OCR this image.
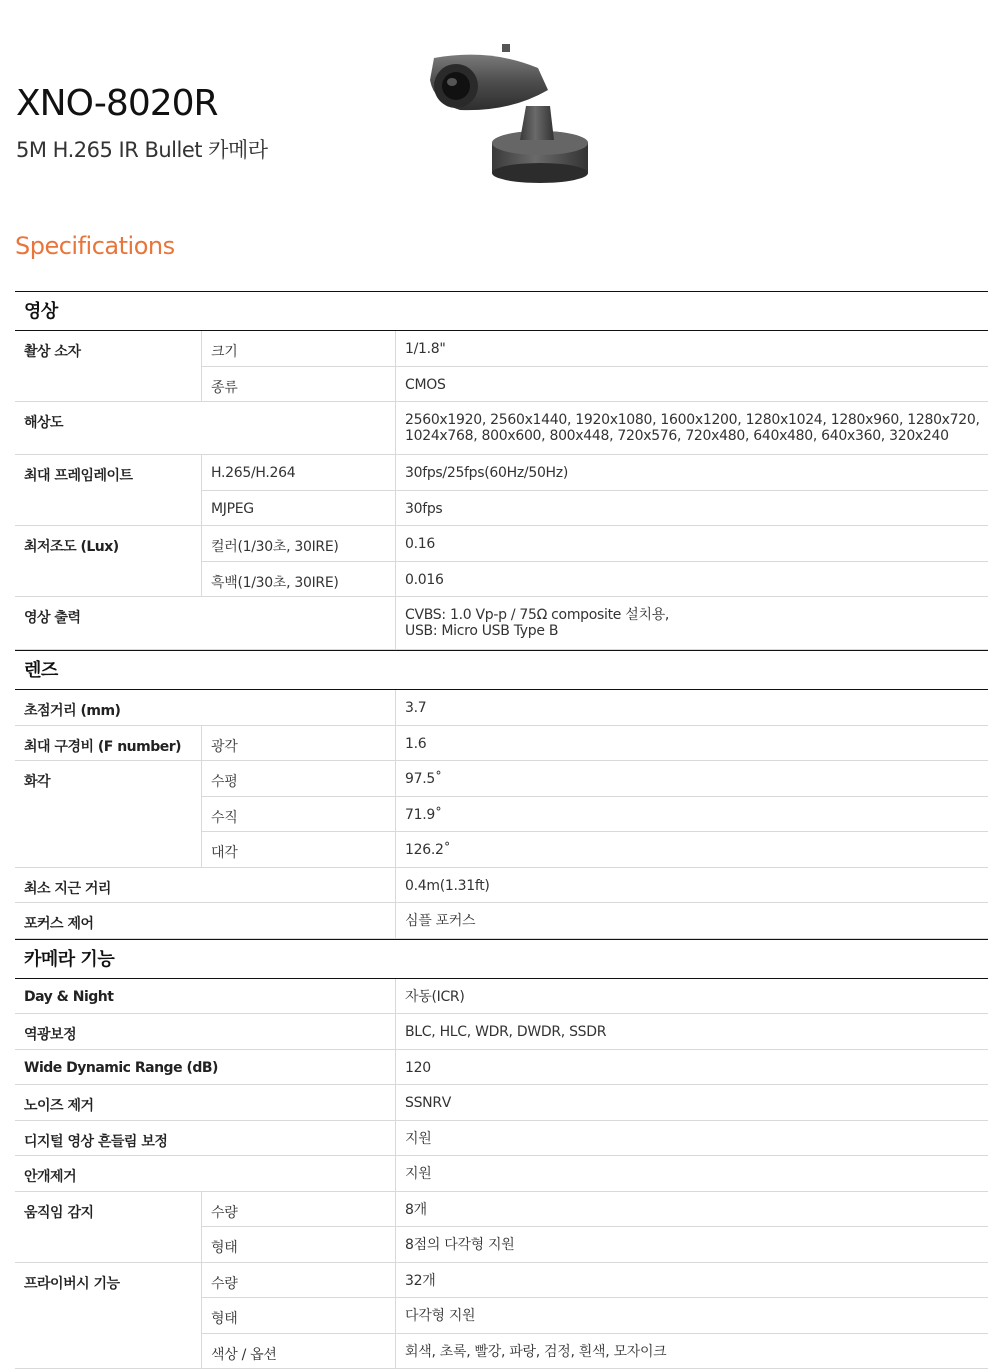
XNO-8020R
5M H.265 IR Bullet 카메라
Specifications
영상
촬상 소자	크기	1/1.8"
종류	CMOS
해상도	2560x1920, 2560x1440, 1920x1080, 1600x1200, 1280x1024, 1280x960, 1280x720, 1024x768, 800x600, 800x448, 720x576, 720x480, 640x480, 640x360, 320x240
최대 프레임레이트	H.265/H.264	30fps/25fps(60Hz/50Hz)
MJPEG	30fps
최저조도 (Lux)	컬러(1/30초, 30IRE)	0.16
흑백(1/30초, 30IRE)	0.016
영상 출력	CVBS: 1.0 Vp-p / 75Ω composite 설치용,
USB: Micro USB Type B
렌즈
초점거리 (mm)	3.7
최대 구경비 (F number)	광각	1.6
화각	수평	97.5˚
수직	71.9˚
대각	126.2˚
최소 지근 거리	0.4m(1.31ft)
포커스 제어	심플 포커스
카메라 기능
Day & Night	자동(ICR)
역광보정	BLC, HLC, WDR, DWDR, SSDR
Wide Dynamic Range (dB)	120
노이즈 제거	SSNRⅤ
디지털 영상 흔들림 보정	지원
안개제거	지원
움직임 감지	수량	8개
형태	8점의 다각형 지원
프라이버시 기능	수량	32개
형태	다각형 지원
색상 / 옵션	회색, 초록, 빨강, 파랑, 검정, 흰색, 모자이크
